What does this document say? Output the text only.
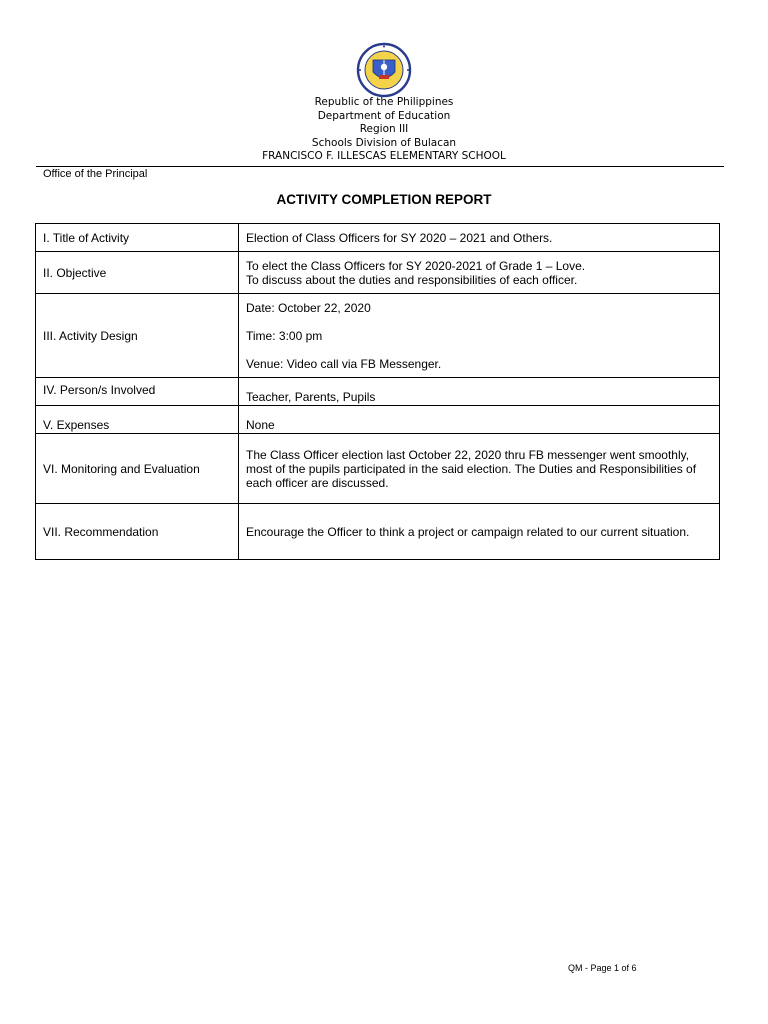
Republic of the Philippines
Department of Education
Region III
Schools Division of Bulacan
FRANCISCO F. ILLESCAS ELEMENTARY SCHOOL
Office of the Principal
ACTIVITY COMPLETION REPORT
I. Title of Activity	Election of Class Officers for SY 2020 – 2021 and Others.

II. Objective	To elect the Class Officers for SY 2020-2021 of Grade 1 – Love.
To discuss about the duties and responsibilities of each officer.

III. Activity Design	Date: October 22, 2020
Time: 3:00 pm
Venue: Video call via FB Messenger.

IV. Person/s Involved	Teacher, Parents, Pupils

V. Expenses	None

VI. Monitoring and Evaluation	The Class Officer election last October 22, 2020 thru FB messenger went smoothly, most of the pupils participated in the said election. The Duties and Responsibilities of each officer are discussed.

VII. Recommendation	Encourage the Officer to think a project or campaign related to our current situation.
QM - Page 1 of 6
